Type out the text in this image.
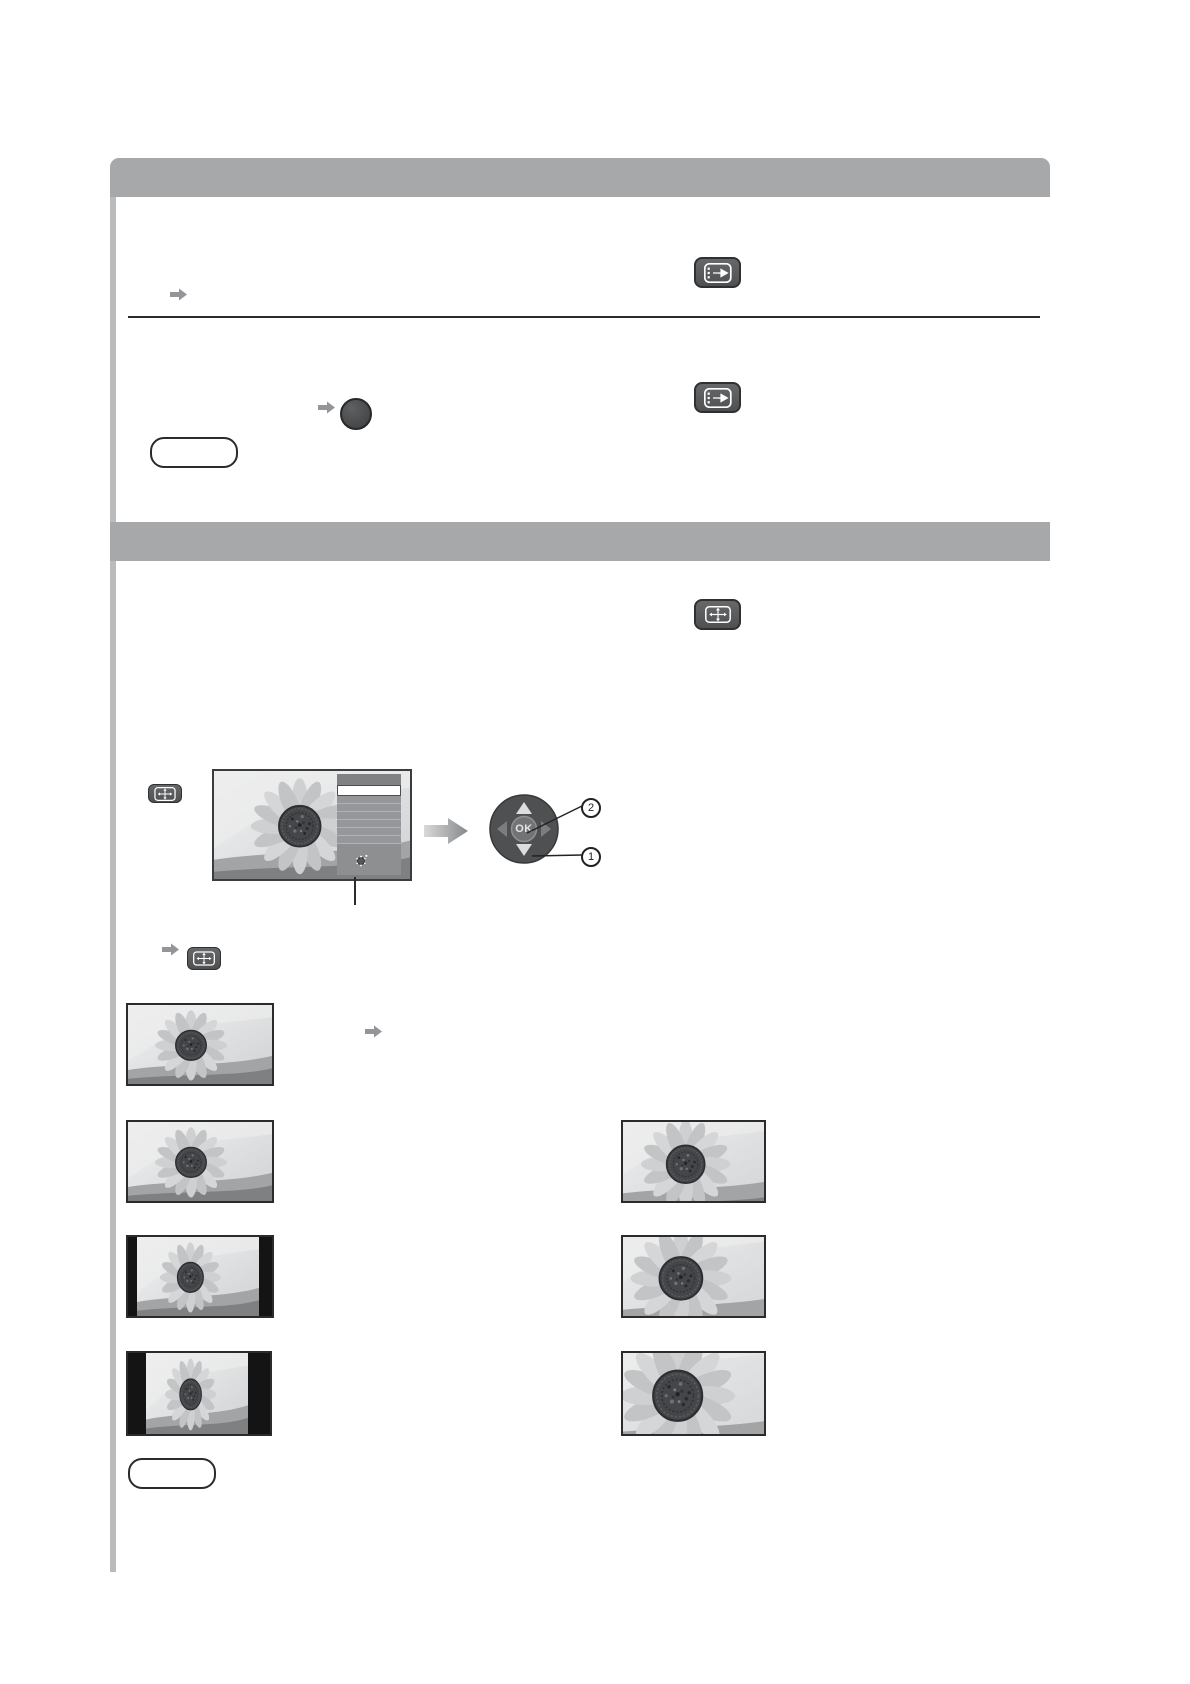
OK
2
1
